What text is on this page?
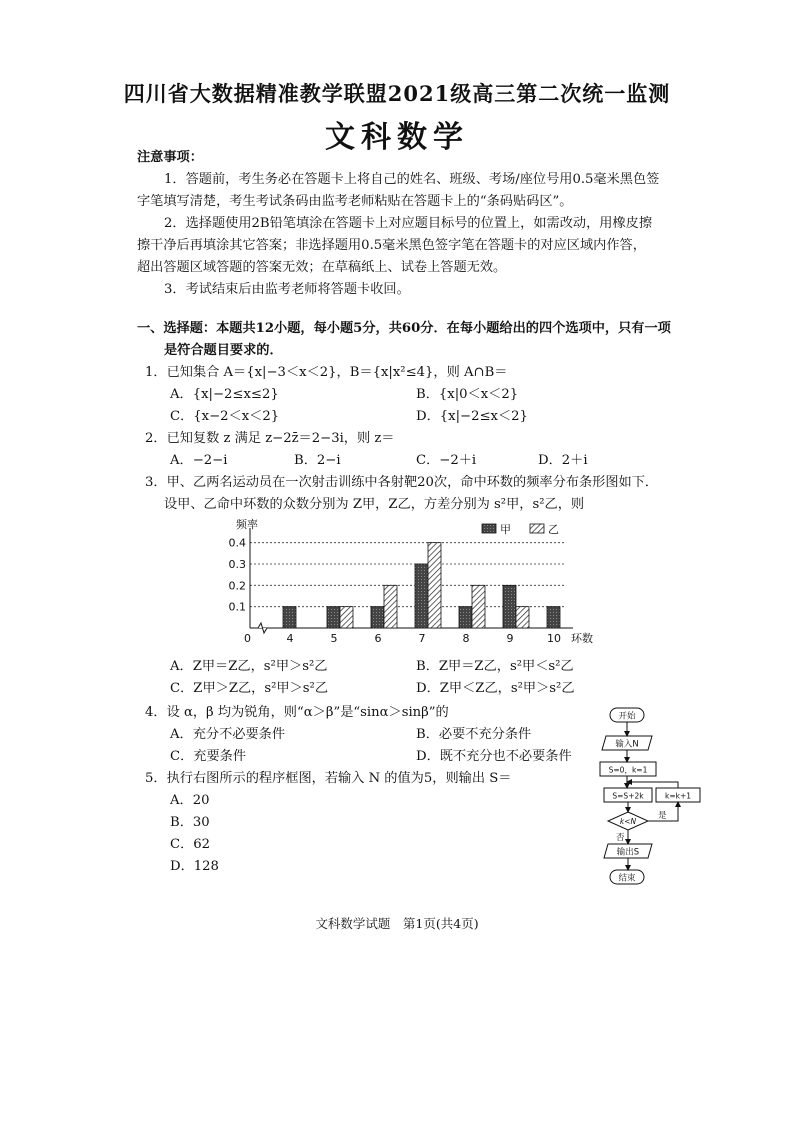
四川省大数据精准教学联盟2021级高三第二次统一监测
文科数学
注意事项：
1．答题前，考生务必在答题卡上将自己的姓名、班级、考场/座位号用0.5毫米黑色签
字笔填写清楚，考生考试条码由监考老师粘贴在答题卡上的“条码贴码区”。
2．选择题使用2B铅笔填涂在答题卡上对应题目标号的位置上，如需改动，用橡皮擦
擦干净后再填涂其它答案；非选择题用0.5毫米黑色签字笔在答题卡的对应区域内作答，
超出答题区域答题的答案无效；在草稿纸上、试卷上答题无效。
3．考试结束后由监考老师将答题卡收回。
一、选择题：本题共12小题，每小题5分，共60分．在每小题给出的四个选项中，只有一项
是符合题目要求的．
1．已知集合 A＝{x|−3＜x＜2}，B＝{x|x²≤4}，则 A∩B＝
A．{x|−2≤x≤2}	B．{x|0＜x＜2}
C．{x−2＜x＜2}	D．{x|−2≤x＜2}
2．已知复数 z 满足 z−2z̄＝2−3i，则 z＝
A．−2−i	B．2−i	C．−2＋i	D．2＋i
3．甲、乙两名运动员在一次射击训练中各射靶20次，命中环数的频率分布条形图如下．
设甲、乙命中环数的众数分别为 Z甲，Z乙，方差分别为 s²甲，s²乙，则
0.1
0.2
0.3
0.4
频率
0	环数
4	5	6	7	8	9	10
甲	乙
A．Z甲＝Z乙，s²甲＞s²乙	B．Z甲＝Z乙，s²甲＜s²乙
C．Z甲＞Z乙，s²甲＞s²乙	D．Z甲＜Z乙，s²甲＞s²乙
4．设 α，β 均为锐角，则“α＞β”是“sinα＞sinβ”的
A．充分不必要条件	B．必要不充分条件
C．充要条件	D．既不充分也不必要条件
5．执行右图所示的程序框图，若输入 N 的值为5，则输出 S＝
A．20
B．30
C．62
D．128
开始
输入N
S=0，k=1
S=S+2k	k=k+1
k<N
是
否
输出S
结束
文科数学试题　第1页(共4页)
